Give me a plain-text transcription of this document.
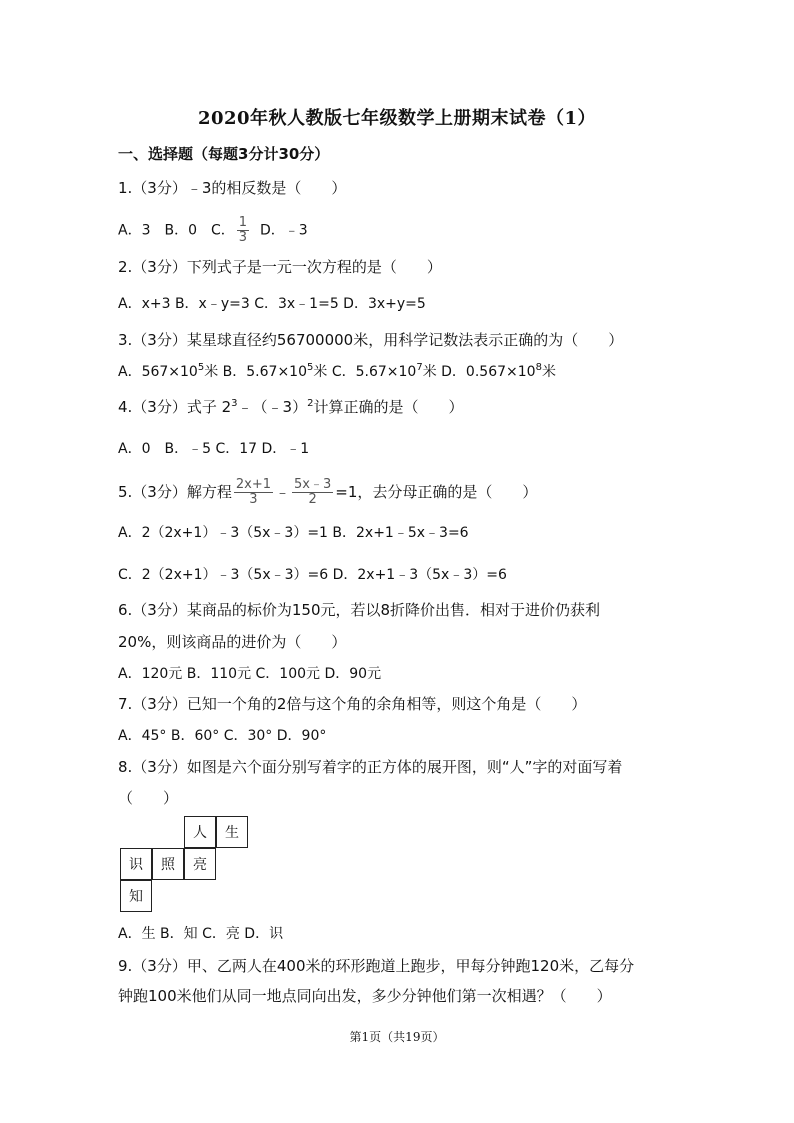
2020年秋人教版七年级数学上册期末试卷（1）
一、选择题（每题3分计30分）
1.（3分）﹣3的相反数是（　　）
A．3　B．0　C． $\frac{1}{3}$ D．﹣3
2.（3分）下列式子是一元一次方程的是（　　）
A．x+3 B．x﹣y=3 C．3x﹣1=5 D．3x+y=5
3.（3分）某星球直径约56700000米，用科学记数法表示正确的为（　　）
A．$567\times 10^5$米 B．$5.67\times 10^5$米 C．$5.67\times 10^7$米 D．$0.567\times 10^8$米
4.（3分）式子 $2^3﹣(﹣3)^2$计算正确的是（　　）
A．0　B．﹣5 C．17 D．﹣1
5.（3分）解方程 $\frac{2x+1}{3}$ ﹣ $\frac{5x﹣3}{2} =1$，去分母正确的是（　　）
A．2（2x+1）﹣3（5x﹣3）=1 B．2x+1﹣5x﹣3=6
C．2（2x+1）﹣3（5x﹣3）=6 D．2x+1﹣3（5x﹣3）=6
6.（3分）某商品的标价为150元，若以8折降价出售．相对于进价仍获利
20%，则该商品的进价为（　　）
A．120元 B．110元 C．100元 D．90元
7.（3分）已知一个角的2倍与这个角的余角相等，则这个角是（　　）
A．45° B．60° C．30° D．90°
8.（3分）如图是六个面分别写着字的正方体的展开图，则“人”字的对面写着
（　　）
人	生
识	照	亮
知
A．生 B．知 C．亮 D．识
9.（3分）甲、乙两人在400米的环形跑道上跑步，甲每分钟跑120米，乙每分
钟跑100米他们从同一地点同向出发，多少分钟他们第一次相遇？（　　）
第1页（共19页）
